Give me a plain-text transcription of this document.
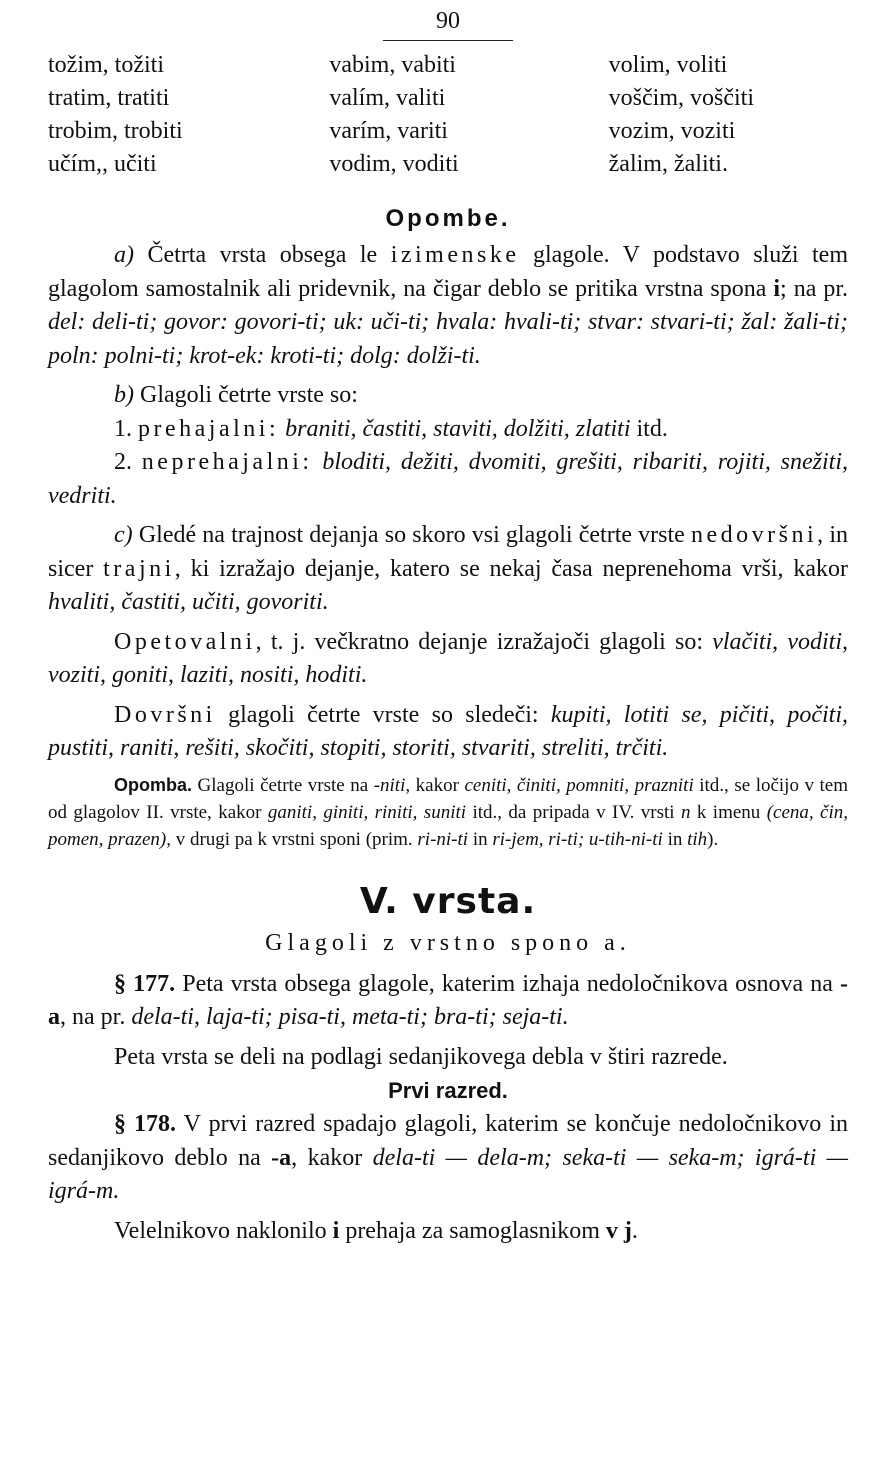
90
tožim, tožiti
tratim, tratiti
trobim, trobiti
učím,, učiti
vabim, vabiti
valím, valiti
varím, variti
vodim, voditi
volim, voliti
voščim, voščiti
vozim, voziti
žalim, žaliti.
Opombe.

a) Četrta vrsta obsega le izimenske glagole. V podstavo služi tem glagolom samostalnik ali pridevnik, na čigar deblo se pritika vrstna spona i; na pr. del: deli-ti; govor: govori-ti; uk: uči-ti; hvala: hvali-ti; stvar: stvari-ti; žal: žali-ti; poln: polni-ti; krot-ek: kroti-ti; dolg: dolži-ti.

b) Glagoli četrte vrste so:

1. prehajalni: braniti, častiti, staviti, dolžiti, zlatiti itd.

2. neprehajalni: bloditi, dežiti, dvomiti, grešiti, ribariti, rojiti, snežiti, vedriti.

c) Gledé na trajnost dejanja so skoro vsi glagoli četrte vrste nedovršni, in sicer trajni, ki izražajo dejanje, katero se nekaj časa neprenehoma vrši, kakor hvaliti, častiti, učiti, govoriti.

Opetovalni, t. j. večkratno dejanje izražajoči glagoli so: vlačiti, voditi, voziti, goniti, laziti, nositi, hoditi.

Dovršni glagoli četrte vrste so sledeči: kupiti, lotiti se, pičiti, počiti, pustiti, raniti, rešiti, skočiti, stopiti, storiti, stvariti, streliti, trčiti.

Opomba. Glagoli četrte vrste na -niti, kakor ceniti, činiti, pomniti, prazniti itd., se ločijo v tem od glagolov II. vrste, kakor ganiti, giniti, riniti, suniti itd., da pripada v IV. vrsti n k imenu (cena, čin, pomen, prazen), v drugi pa k vrstni sponi (prim. ri-ni-ti in ri-jem, ri-ti; u-tih-ni-ti in tih).

V. vrsta.
Glagoli z vrstno spono a.

§ 177. Peta vrsta obsega glagole, katerim izhaja nedoločnikova osnova na -a, na pr. dela-ti, laja-ti; pisa-ti, meta-ti; bra-ti; seja-ti.

Peta vrsta se deli na podlagi sedanjikovega debla v štiri razrede.

Prvi razred.

§ 178. V prvi razred spadajo glagoli, katerim se končuje nedoločnikovo in sedanjikovo deblo na -a, kakor dela-ti — dela-m; seka-ti — seka-m; igrá-ti — igrá-m.

Velelnikovo naklonilo i prehaja za samoglasnikom v j.
